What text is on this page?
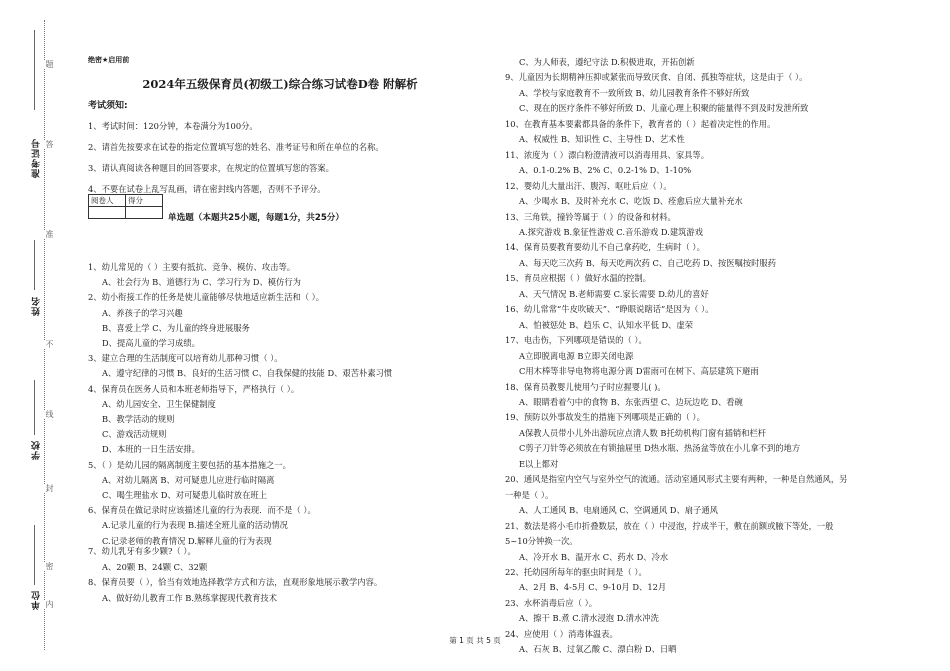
准考证号
姓名
学校
单位
题
答
准
不
线
封
密
内
绝密★启用前
2024年五级保育员(初级工)综合练习试卷D卷 附解析
考试须知:
1、考试时间：120分钟，本卷满分为100分。
2、请首先按要求在试卷的指定位置填写您的姓名、准考证号和所在单位的名称。
3、请认真阅读各种题目的回答要求，在规定的位置填写您的答案。
4、不要在试卷上乱写乱画，请在密封线内答题，否则不予评分。
阅卷人	得分

单选题（本题共25小题，每题1分，共25分）
1、幼儿常见的（ ）主要有抵抗、竞争、模仿、攻击等。
A、社会行为 B、道德行为 C、学习行为 D、模仿行为
2、幼小衔接工作的任务是使儿童能够尽快地适应新生活和（ ）。
A、养孩子的学习兴趣
B、喜爱上学 C、为儿童的终身进展服务
D、提高儿童的学习成绩。
3、建立合理的生活制度可以培育幼儿那种习惯（ ）。
A、遵守纪律的习惯 B、良好的生活习惯 C、自我保健的技能 D、艰苦朴素习惯
4、保育员在医务人员和本班老师指导下，严格执行（ ）。
A、幼儿园安全、卫生保健制度
B、教学活动的规则
C、游戏活动规则
D、本班的一日生活安排。
5、（ ）是幼儿园的隔离制度主要包括的基本措施之一。
A、对幼儿隔离 B、对可疑患儿应进行临时隔离
C、喝生理盐水 D、对可疑患儿临时放在班上
6、保育员在做记录时应该描述儿童的行为表现．而不是（ ）。
A.记录儿童的行为表现 B.描述全班儿童的活动情况
C.记录老师的教育情况 D.解释儿童的行为表现
7、幼儿乳牙有多少颗?（ ）。
A、20颗 B、24颗 C、32颗
8、保育员要（ ），恰当有效地选择教学方式和方法，直观形象地展示教学内容。
A、做好幼儿教育工作 B.熟练掌握现代教育技术
C、为人师表，遵纪守法 D.积极进取，开拓创新
9、儿童因为长期精神压抑或紧张而导致厌食、自闭、孤独等症状，这是由于（ ）。
A、学校与家庭教育不一致所致 B、幼儿园教育条件不够好所致
C、现在的医疗条件不够好所致 D、儿童心理上积聚的能量得不到及时发泄所致
10、在教育基本要素都具备的条件下，教育者的（ ）起着决定性的作用。
A、权威性 B、知识性 C、主导性 D、艺术性
11、浓度为（ ）漂白粉澄清液可以消毒用具、家具等。
A、0.1-0.2% B、2% C、0.2-1% D、1-10%
12、婴幼儿大量出汗、腹泻、呕吐后应（ ）。
A、少喝水 B、及时补充水 C、吃饭 D、痊愈后应大量补充水
13、三角铁，撞铃等属于（ ）的设备和材料。
A.探究游戏 B.象征性游戏 C.音乐游戏 D.建筑游戏
14、保育员要教育要幼儿不自己拿药吃，生病时（ ）。
A、每天吃三次药 B、每天吃两次药 C、自己吃药 D、按医嘱按时服药
15、育员应根据（ ）做好水温的控制。
A、天气情况 B.老师需要 C.家长需要 D.幼儿的喜好
16、幼儿常常“牛皮吹破天”、“睁眼说瞎话”是因为（ ）。
A、怕被惩处 B、趋乐 C、认知水平低 D、虚荣
17、电击伤，下列哪项是错误的（ ）。
A立即脱离电源 B立即关闭电源
C用木棒等非导电物将电源分离 D雷雨可在树下、高层建筑下避雨
18、保育员教婴儿使用勺子时应握婴儿( )。
A、眼睛看着勺中的食物 B、东张西望 C、边玩边吃 D、看碗
19、预防以外事故发生的措施下列哪项是正确的（ ）。
A保教人员带小儿外出游玩应点清人数 B托幼机构门窗有插销和栏杆
C剪子刀针等必须放在有锁抽屉里 D热水瓶、热汤盆等放在小儿拿不到的地方
E以上都对
20、通风是指室内空气与室外空气的流通。活动室通风形式主要有两种，一种是自然通风，另
一种是（ ）。
A、人工通风 B、电扇通风 C、空调通风 D、扇子通风
21、数法是将小毛巾折叠数层，放在（ ）中浸泡，拧成半干，敷在前额或腋下等处，一般
5~10分钟换一次。
A、冷开水 B、温开水 C、药水 D、冷水
22、托幼园所每年的驱虫时间是（ ）。
A、2月 B、4-5月 C、9-10月 D、12月
23、水杯消毒后应（ ）。
A、擦干 B.煮 C.清水浸泡 D.清水冲洗
24、应使用（ ）消毒体温表。
A、石灰 B、过氧乙酸 C、漂白粉 D、日晒
第 1 页 共 5 页
